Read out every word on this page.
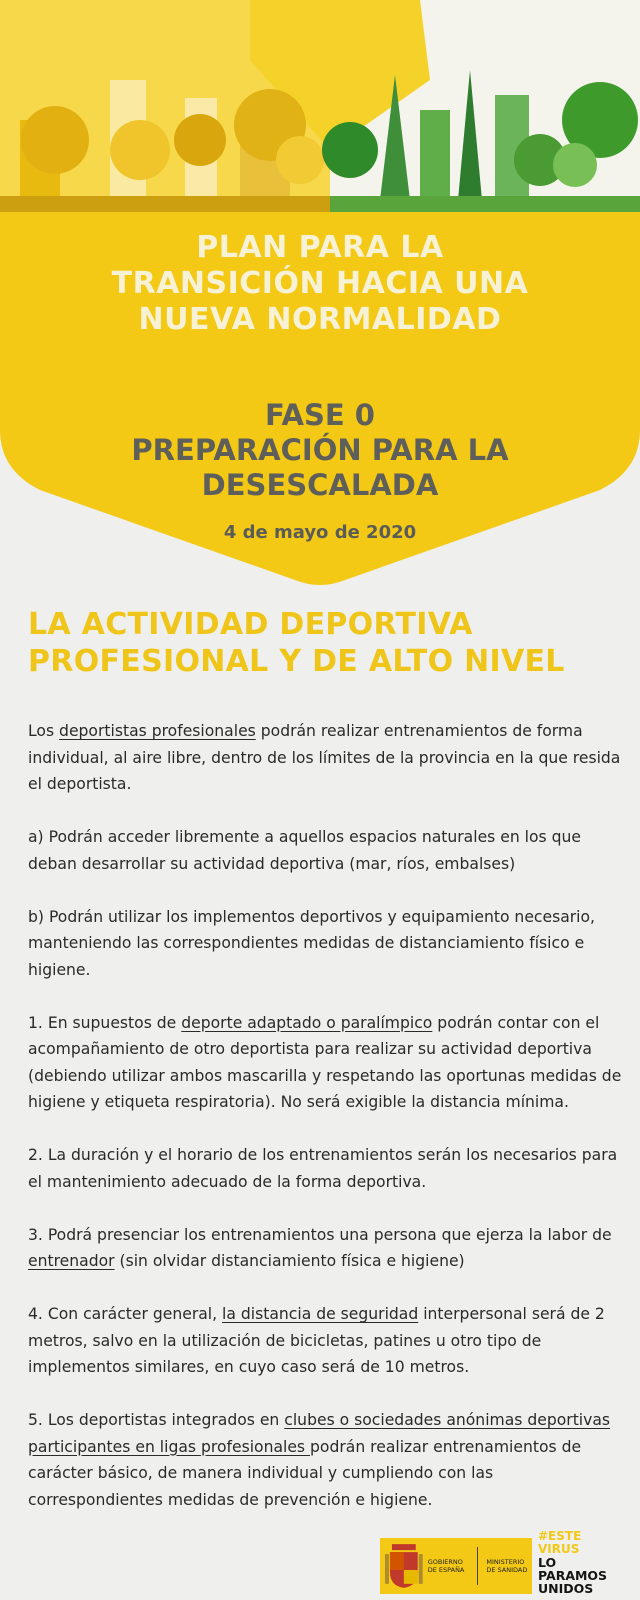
PLAN PARA LA
TRANSICIÓN HACIA UNA
NUEVA NORMALIDAD
FASE 0
PREPARACIÓN PARA LA
DESESCALADA
4 de mayo de 2020
LA ACTIVIDAD DEPORTIVA
PROFESIONAL Y DE ALTO NIVEL

Los deportistas profesionales podrán realizar entrenamientos de forma individual, al aire libre, dentro de los límites de la provincia en la que resida el deportista.

a) Podrán acceder libremente a aquellos espacios naturales en los que deban desarrollar su actividad deportiva (mar, ríos, embalses)

b) Podrán utilizar los implementos deportivos y equipamiento necesario, manteniendo las correspondientes medidas de distanciamiento físico e higiene.

1. En supuestos de deporte adaptado o paralímpico podrán contar con el acompañamiento de otro deportista para realizar su actividad deportiva (debiendo utilizar ambos mascarilla y respetando las oportunas medidas de higiene y etiqueta respiratoria). No será exigible la distancia mínima.

2. La duración y el horario de los entrenamientos serán los necesarios para el mantenimiento adecuado de la forma deportiva.

3. Podrá presenciar los entrenamientos una persona que ejerza la labor de entrenador (sin olvidar distanciamiento física e higiene)

4. Con carácter general, la distancia de seguridad interpersonal será de 2 metros, salvo en la utilización de bicicletas, patines u otro tipo de implementos similares, en cuyo caso será de 10 metros.

5. Los deportistas integrados en clubes o sociedades anónimas deportivas participantes en ligas profesionales podrán realizar entrenamientos de carácter básico, de manera individual y cumpliendo con las correspondientes medidas de prevención e higiene.

GOBIERNO DE ESPAÑA
MINISTERIO DE SANIDAD
#ESTE
VIRUS
LO
PARAMOS
UNIDOS
